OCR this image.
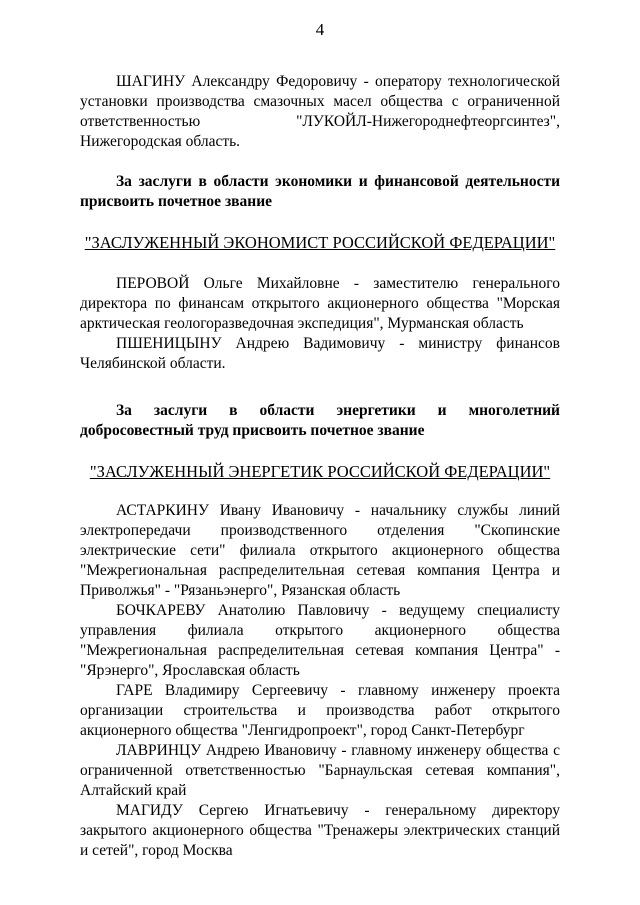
4

ШАГИНУ Александру Федоровичу - оператору технологической установки производства смазочных масел общества с ограниченной ответственностью "ЛУКОЙЛ-Нижегороднефтеоргсинтез", Нижегородская область.

За заслуги в области экономики и финансовой деятельности присвоить почетное звание

"ЗАСЛУЖЕННЫЙ ЭКОНОМИСТ РОССИЙСКОЙ ФЕДЕРАЦИИ"

ПЕРОВОЙ Ольге Михайловне - заместителю генерального директора по финансам открытого акционерного общества "Морская арктическая геологоразведочная экспедиция", Мурманская область

ПШЕНИЦЫНУ Андрею Вадимовичу - министру финансов Челябинской области.

За заслуги в области энергетики и многолетний добросовестный труд присвоить почетное звание

"ЗАСЛУЖЕННЫЙ ЭНЕРГЕТИК РОССИЙСКОЙ ФЕДЕРАЦИИ"

АСТАРКИНУ Ивану Ивановичу - начальнику службы линий электропередачи производственного отделения "Скопинские электрические сети" филиала открытого акционерного общества "Межрегиональная распределительная сетевая компания Центра и Приволжья" - "Рязаньэнерго", Рязанская область

БОЧКАРЕВУ Анатолию Павловичу - ведущему специалисту управления филиала открытого акционерного общества "Межрегиональная распределительная сетевая компания Центра" - "Ярэнерго", Ярославская область

ГАРЕ Владимиру Сергеевичу - главному инженеру проекта организации строительства и производства работ открытого акционерного общества "Ленгидропроект", город Санкт-Петербург

ЛАВРИНЦУ Андрею Ивановичу - главному инженеру общества с ограниченной ответственностью "Барнаульская сетевая компания", Алтайский край

МАГИДУ Сергею Игнатьевичу - генеральному директору закрытого акционерного общества "Тренажеры электрических станций и сетей", город Москва
